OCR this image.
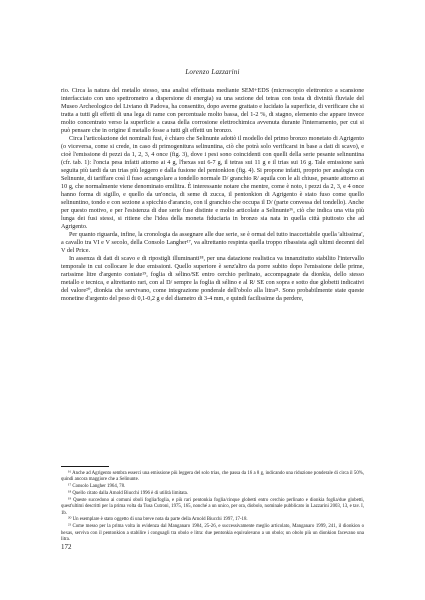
Lorenzo Lazzarini

rio. Circa la natura del metallo stesso, una analisi effettuata mediante SEM+EDS (microscopio elettronico a scansione interfacciato con uno spettrometro a dispersione di energia) su una sezione del tetras con testa di divinità fluviale del Museo Archeologico del Liviano di Padova, ha consentito, dopo averne grattato e lucidato la superficie, di verificare che si tratta a tutti gli effetti di una lega di rame con percentuale molto bassa, del 1-2 %, di stagno, elemento che appare invece molto concentrato verso la superficie a causa della corrosione elettrochimica avvenuta durante l'interramento, per cui si può pensare che in origine il metallo fosse a tutti gli effetti un bronzo.

Circa l'articolazione dei nominali fusi, è chiaro che Selinunte adottò il modello del primo bronzo monetato di Agrigento (o viceversa, come si crede, in caso di primogenitura selinuntina, ciò che potrà solo verificarsi in base a dati di scavo), e cioè l'emissione di pezzi da 1, 2, 3, 4 once (fig. 3), dove i pesi sono coincidenti con quelli della serie pesante selinuntina (cfr. tab. 1): l'oncia pesa infatti attorno ai 4 g, l'hexas sui 6-7 g, il tetras sui 11 g e il trias sui 16 g. Tale emissione sarà seguita più tardi da un trias più leggero e dalla fusione del pentonkion (fig. 4). Si propone infatti, proprio per analogia con Selinunte, di tariffare così il fuso acrangolare a tondello normale D/ granchio R/ aquila con le ali chiuse, pesante attorno ai 10 g, che normalmente viene denominato emilitra. È interessante notare che mentre, come è noto, i pezzi da 2, 3, e 4 once hanno forma di sigillo, e quello da un'oncia, di seme di zucca, il pentonkion di Agrigento è stato fuso come quello selinuntino, tondo e con sezione a spicchio d'arancio, con il granchio che occupa il D/ (parte convessa del tondello). Anche per questo motivo, e per l'esistenza di due serie fuse distinte e molto articolate a Selinunte¹⁶, ciò che indica una vita più lunga dei fusi stessi, si ritiene che l'idea della moneta fiduciaria in bronzo sia nata in quella città piuttosto che ad Agrigento.

Per quanto riguarda, infine, la cronologia da assegnare alle due serie, se è ormai del tutto inaccettabile quella 'altissima', a cavallo tra VI e V secolo, della Consolo Langher¹⁷, va altrettanto respinta quella troppo ribassista agli ultimi decenni del V del Price.

In assenza di dati di scavo e di ripostigli illuminanti¹⁸, per una datazione realistica va innanzitutto stabilito l'intervallo temporale in cui collocare le due emissioni. Quello superiore è senz'altro da porre subito dopo l'emissione delle prime, rarissime litre d'argento coniate¹⁹, foglia di sélino/SE entro cerchio perlinato, accompagnate da dionkia, dello stesso metallo e tecnica, e altrettanto rari, con al D/ sempre la foglia di sélino e al R/ SE con sopra e sotto due globetti indicativi del valore²⁰, dionkia che servivano, come integrazione ponderale dell'obolo alla litra²¹. Sono probabilmente state queste monetine d'argento del peso di 0,1-0,2 g e del diametro di 3-4 mm, e quindi facilissime da perdere,

¹⁶ Anche ad Agrigento sembra esserci una emissione più leggera del solo trias, che passa da 16 a 8 g, indicando una riduzione ponderale di circa il 50%, quindi ancora maggiore che a Selinunte.

¹⁷ Consolo Langher 1964, 78.

¹⁸ Quello citato dalla Arnold Biucchi 1996 è di utilità limitata.

¹⁹ Queste succedono ai comuni oboli foglia/foglia, e più rari pentonkia foglia/cinque globetti entro cerchio perlinato e dionkia foglia/due globetti, quest'ultimi descritti per la prima volta da Tusa Cutroni, 1975, 165, nonché a un unico, per ora, diobolo, nominale pubblicato in Lazzarini 2003, 13, e tav. I, 1b.

²⁰ Un esemplare è stato oggetto di una breve nota da parte della Arnold Biucchi 1997, 17-18.

²¹ Come messo per la prima volta in evidenza dal Manganaro 1984, 25-26, e successivamente meglio articolato, Manganaro 1999, 241, il dionkion o hexas, serviva con il pentonkion a stabilire i conguagli tra obolo e litra: due pentonkia equivalevano a un obolo; un obolo più un dionkion facevano una litra.

172
